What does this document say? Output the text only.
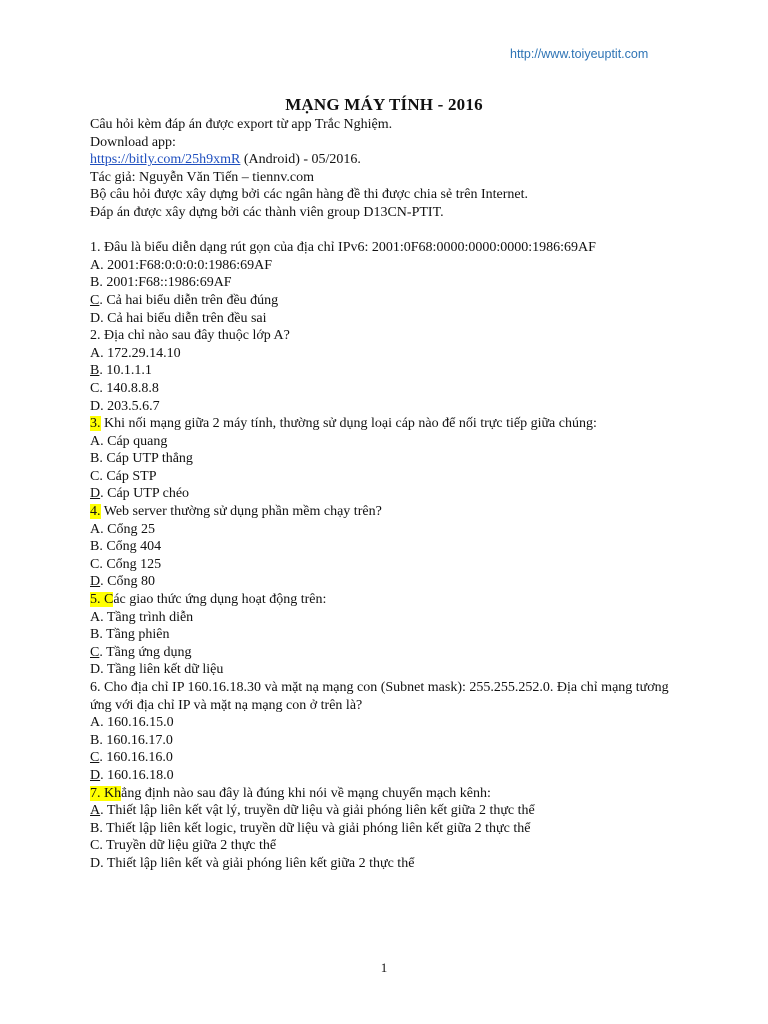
http://www.toiyeuptit.com
MẠNG MÁY TÍNH - 2016
Câu hỏi kèm đáp án được export từ app Trắc Nghiệm.
Download app:
https://bitly.com/25h9xmR (Android) - 05/2016.
Tác giả: Nguyễn Văn Tiến – tiennv.com
Bộ câu hỏi được xây dựng bởi các ngân hàng đề thi được chia sẻ trên Internet.
Đáp án được xây dựng bởi các thành viên group D13CN-PTIT.
1. Đâu là biểu diễn dạng rút gọn của địa chỉ IPv6: 2001:0F68:0000:0000:0000:1986:69AF
A. 2001:F68:0:0:0:0:1986:69AF
B. 2001:F68::1986:69AF
C. Cả hai biểu diễn trên đều đúng
D. Cả hai biểu diễn trên đều sai
2. Địa chỉ nào sau đây thuộc lớp A?
A. 172.29.14.10
B. 10.1.1.1
C. 140.8.8.8
D. 203.5.6.7
3. Khi nối mạng giữa 2 máy tính, thường sử dụng loại cáp nào để nối trực tiếp giữa chúng:
A. Cáp quang
B. Cáp UTP thẳng
C. Cáp STP
D. Cáp UTP chéo
4. Web server thường sử dụng phần mềm chạy trên?
A. Cổng 25
B. Cổng 404
C. Cổng 125
D. Cổng 80
5. Các giao thức ứng dụng hoạt động trên:
A. Tầng trình diễn
B. Tầng phiên
C. Tầng ứng dụng
D. Tầng liên kết dữ liệu
6. Cho địa chỉ IP 160.16.18.30 và mặt nạ mạng con (Subnet mask): 255.255.252.0. Địa chỉ mạng tương ứng với địa chỉ IP và mặt nạ mạng con ở trên là?
A. 160.16.15.0
B. 160.16.17.0
C. 160.16.16.0
D. 160.16.18.0
7. Khẳng định nào sau đây là đúng khi nói về mạng chuyển mạch kênh:
A. Thiết lập liên kết vật lý, truyền dữ liệu và giải phóng liên kết giữa 2 thực thể
B. Thiết lập liên kết logic, truyền dữ liệu và giải phóng liên kết giữa 2 thực thể
C. Truyền dữ liệu giữa 2 thực thể
D. Thiết lập liên kết và giải phóng liên kết giữa 2 thực thể
1
